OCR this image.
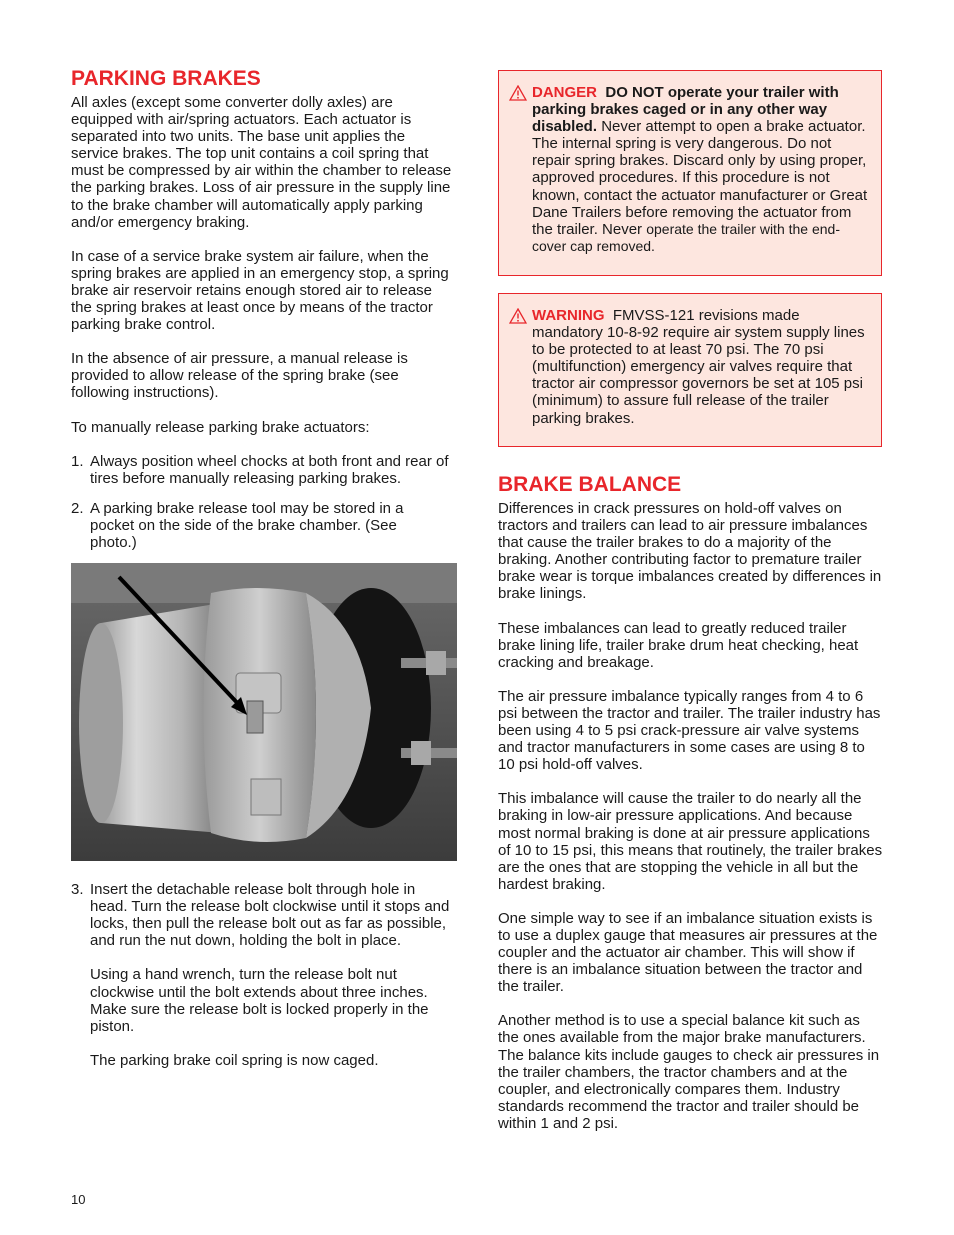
PARKING BRAKES

All axles (except some converter dolly axles) are equipped with air/spring actuators. Each actuator is separated into two units. The base unit applies the service brakes. The top unit contains a coil spring that must be compressed by air within the chamber to release the parking brakes. Loss of air pressure in the supply line to the brake chamber will automatically apply parking and/or emergency braking.

In case of a service brake system air failure, when the spring brakes are applied in an emergency stop, a spring brake air reservoir retains enough stored air to release the spring brakes at least once by means of the tractor parking brake control.

In the absence of air pressure, a manual release is provided to allow release of the spring brake (see following instructions).

To manually release parking brake actuators:

1. Always position wheel chocks at both front and rear of tires before manually releasing parking brakes.
2. A parking brake release tool may be stored in a pocket on the side of the brake chamber. (See photo.)
3. Insert the detachable release bolt through hole in head. Turn the release bolt clockwise until it stops and locks, then pull the release bolt out as far as possible, and run the nut down, holding the bolt in place.

Using a hand wrench, turn the release bolt nut clockwise until the bolt extends about three inches. Make sure the release bolt is locked properly in the piston.

The parking brake coil spring is now caged.

DANGER DO NOT operate your trailer with parking brakes caged or in any other way disabled. Never attempt to open a brake actuator. The internal spring is very dangerous. Do not repair spring brakes. Discard only by using proper, approved procedures. If this procedure is not known, contact the actuator manufacturer or Great Dane Trailers before removing the actuator from the trailer. Never operate the trailer with the end-cover cap removed.

WARNING FMVSS-121 revisions made mandatory 10-8-92 require air system supply lines to be protected to at least 70 psi. The 70 psi (multifunction) emergency air valves require that tractor air compressor governors be set at 105 psi (minimum) to assure full release of the trailer parking brakes.

BRAKE BALANCE

Differences in crack pressures on hold-off valves on tractors and trailers can lead to air pressure imbalances that cause the trailer brakes to do a majority of the braking. Another contributing factor to premature trailer brake wear is torque imbalances created by differences in brake linings.

These imbalances can lead to greatly reduced trailer brake lining life, trailer brake drum heat checking, heat cracking and breakage.

The air pressure imbalance typically ranges from 4 to 6 psi between the tractor and trailer. The trailer industry has been using 4 to 5 psi crack-pressure air valve systems and tractor manufacturers in some cases are using 8 to 10 psi hold-off valves.

This imbalance will cause the trailer to do nearly all the braking in low-air pressure applications. And because most normal braking is done at air pressure applications of 10 to 15 psi, this means that routinely, the trailer brakes are the ones that are stopping the vehicle in all but the hardest braking.

One simple way to see if an imbalance situation exists is to use a duplex gauge that measures air pressures at the coupler and the actuator air chamber. This will show if there is an imbalance situation between the tractor and the trailer.

Another method is to use a special balance kit such as the ones available from the major brake manufacturers. The balance kits include gauges to check air pressures in the trailer chambers, the tractor chambers and at the coupler, and electronically compares them. Industry standards recommend the tractor and trailer should be within 1 and 2 psi.

10
